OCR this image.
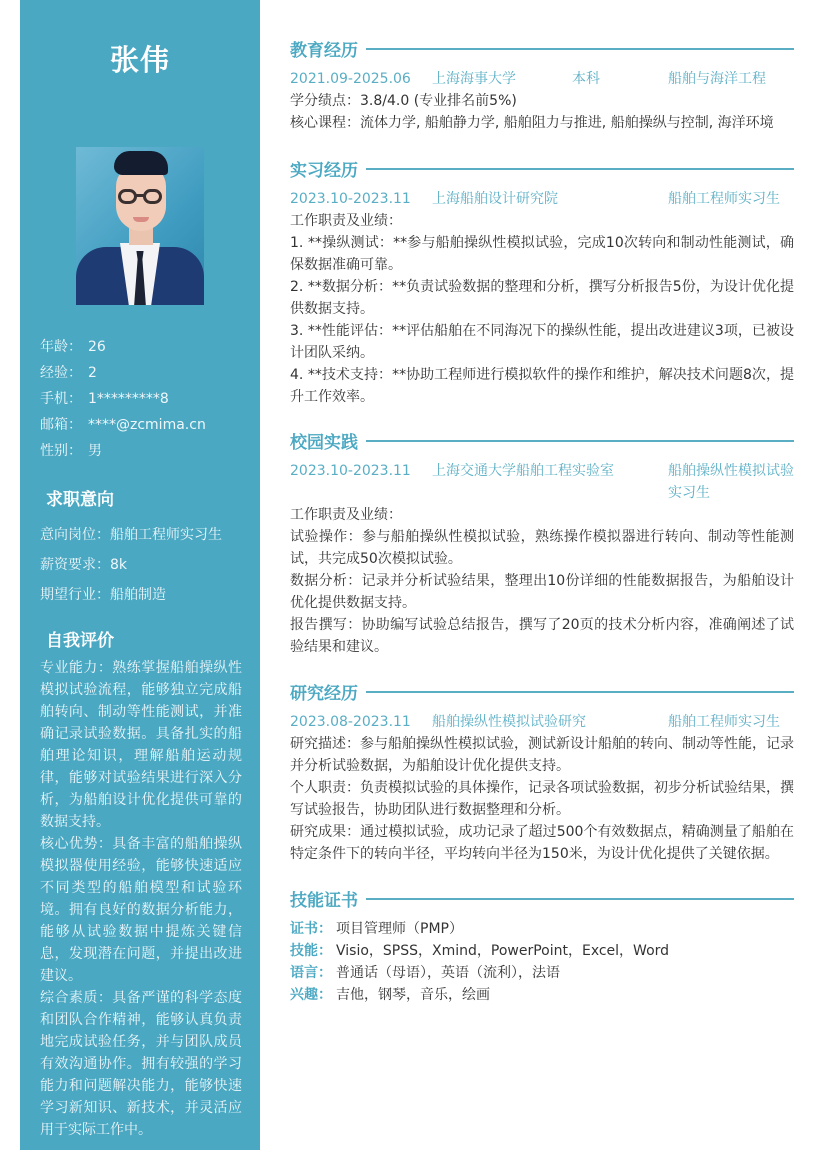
张伟
年龄： 26
经验： 2
手机： 1*********8
邮箱： ****@zcmima.cn
性别： 男
求职意向
意向岗位：船舶工程师实习生
薪资要求：8k
期望行业：船舶制造
自我评价
专业能力：熟练掌握船舶操纵性模拟试验流程，能够独立完成船舶转向、制动等性能测试，并准确记录试验数据。具备扎实的船舶理论知识，理解船舶运动规律，能够对试验结果进行深入分析，为船舶设计优化提供可靠的数据支持。
核心优势：具备丰富的船舶操纵模拟器使用经验，能够快速适应不同类型的船舶模型和试验环境。拥有良好的数据分析能力，能够从试验数据中提炼关键信息，发现潜在问题，并提出改进建议。
综合素质：具备严谨的科学态度和团队合作精神，能够认真负责地完成试验任务，并与团队成员有效沟通协作。拥有较强的学习能力和问题解决能力，能够快速学习新知识、新技术，并灵活应用于实际工作中。
教育经历
2021.09-2025.06	上海海事大学	本科	船舶与海洋工程
学分绩点：3.8/4.0 (专业排名前5%)
核心课程：流体力学, 船舶静力学, 船舶阻力与推进, 船舶操纵与控制, 海洋环境
实习经历
2023.10-2023.11	上海船舶设计研究院	船舶工程师实习生
工作职责及业绩：
1. **操纵测试：**参与船舶操纵性模拟试验，完成10次转向和制动性能测试，确保数据准确可靠。
2. **数据分析：**负责试验数据的整理和分析，撰写分析报告5份，为设计优化提供数据支持。
3. **性能评估：**评估船舶在不同海况下的操纵性能，提出改进建议3项，已被设计团队采纳。
4. **技术支持：**协助工程师进行模拟软件的操作和维护，解决技术问题8次，提升工作效率。
校园实践
2023.10-2023.11	上海交通大学船舶工程实验室	船舶操纵性模拟试验实习生
工作职责及业绩：
试验操作：参与船舶操纵性模拟试验，熟练操作模拟器进行转向、制动等性能测试，共完成50次模拟试验。
数据分析：记录并分析试验结果，整理出10份详细的性能数据报告，为船舶设计优化提供数据支持。
报告撰写：协助编写试验总结报告，撰写了20页的技术分析内容，准确阐述了试验结果和建议。
研究经历
2023.08-2023.11	船舶操纵性模拟试验研究	船舶工程师实习生
研究描述：参与船舶操纵性模拟试验，测试新设计船舶的转向、制动等性能，记录并分析试验数据，为船舶设计优化提供支持。
个人职责：负责模拟试验的具体操作，记录各项试验数据，初步分析试验结果，撰写试验报告，协助团队进行数据整理和分析。
研究成果：通过模拟试验，成功记录了超过500个有效数据点，精确测量了船舶在特定条件下的转向半径，平均转向半径为150米，为设计优化提供了关键依据。
技能证书
证书： 项目管理师（PMP）
技能： Visio，SPSS，Xmind，PowerPoint，Excel，Word
语言： 普通话（母语），英语（流利），法语
兴趣： 吉他，钢琴，音乐，绘画
